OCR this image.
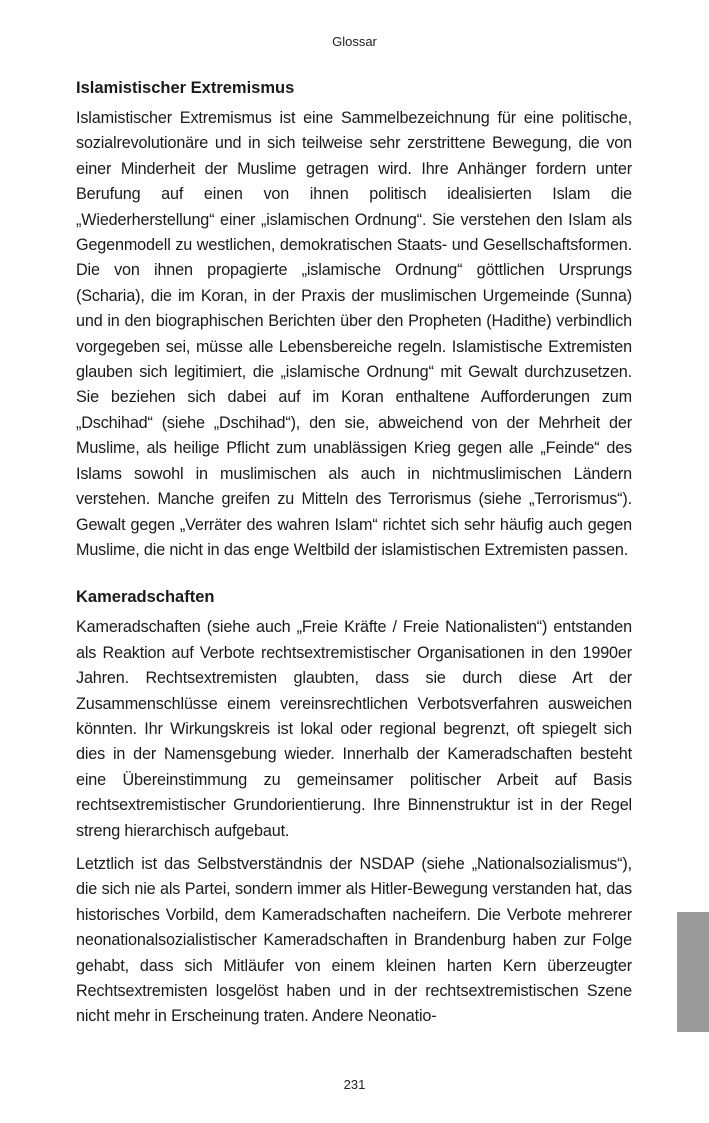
Glossar
Islamistischer Extremismus

Islamistischer Extremismus ist eine Sammelbezeichnung für eine politische, sozialrevolutionäre und in sich teilweise sehr zerstrittene Bewegung, die von einer Minderheit der Muslime getragen wird. Ihre Anhänger fordern unter Berufung auf einen von ihnen politisch idealisierten Islam die „Wiederherstellung“ einer „islamischen Ordnung“. Sie verstehen den Islam als Gegenmodell zu westlichen, demokratischen Staats- und Gesellschaftsformen. Die von ihnen propagierte „islamische Ordnung“ göttlichen Ursprungs (Scharia), die im Koran, in der Praxis der muslimischen Urgemeinde (Sunna) und in den biographischen Berichten über den Propheten (Hadithe) verbindlich vorgegeben sei, müsse alle Lebensbereiche regeln. Islamistische Extremisten glauben sich legitimiert, die „islamische Ordnung“ mit Gewalt durchzusetzen. Sie beziehen sich dabei auf im Koran enthaltene Aufforderungen zum „Dschihad“ (siehe „Dschihad“), den sie, abweichend von der Mehrheit der Muslime, als heilige Pflicht zum unablässigen Krieg gegen alle „Feinde“ des Islams sowohl in muslimischen als auch in nichtmuslimischen Ländern verstehen. Manche greifen zu Mitteln des Terrorismus (siehe „Terrorismus“). Gewalt gegen „Verräter des wahren Islam“ richtet sich sehr häufig auch gegen Muslime, die nicht in das enge Weltbild der islamistischen Extremisten passen.

Kameradschaften

Kameradschaften (siehe auch „Freie Kräfte / Freie Nationalisten“) entstanden als Reaktion auf Verbote rechtsextremistischer Organisationen in den 1990er Jahren. Rechtsextremisten glaubten, dass sie durch diese Art der Zusammenschlüsse einem vereinsrechtlichen Verbotsverfahren ausweichen könnten. Ihr Wirkungskreis ist lokal oder regional begrenzt, oft spiegelt sich dies in der Namensgebung wieder. Innerhalb der Kameradschaften besteht eine Übereinstimmung zu gemeinsamer politischer Arbeit auf Basis rechtsextremistischer Grundorientierung. Ihre Binnenstruktur ist in der Regel streng hierarchisch aufgebaut.

Letztlich ist das Selbstverständnis der NSDAP (siehe „Nationalsozialismus“), die sich nie als Partei, sondern immer als Hitler-Bewegung verstanden hat, das historisches Vorbild, dem Kameradschaften nacheifern. Die Verbote mehrerer neonationalsozialistischer Kameradschaften in Brandenburg haben zur Folge gehabt, dass sich Mitläufer von einem kleinen harten Kern überzeugter Rechtsextremisten losgelöst haben und in der rechtsextremistischen Szene nicht mehr in Erscheinung traten. Andere Neonatio-

231
